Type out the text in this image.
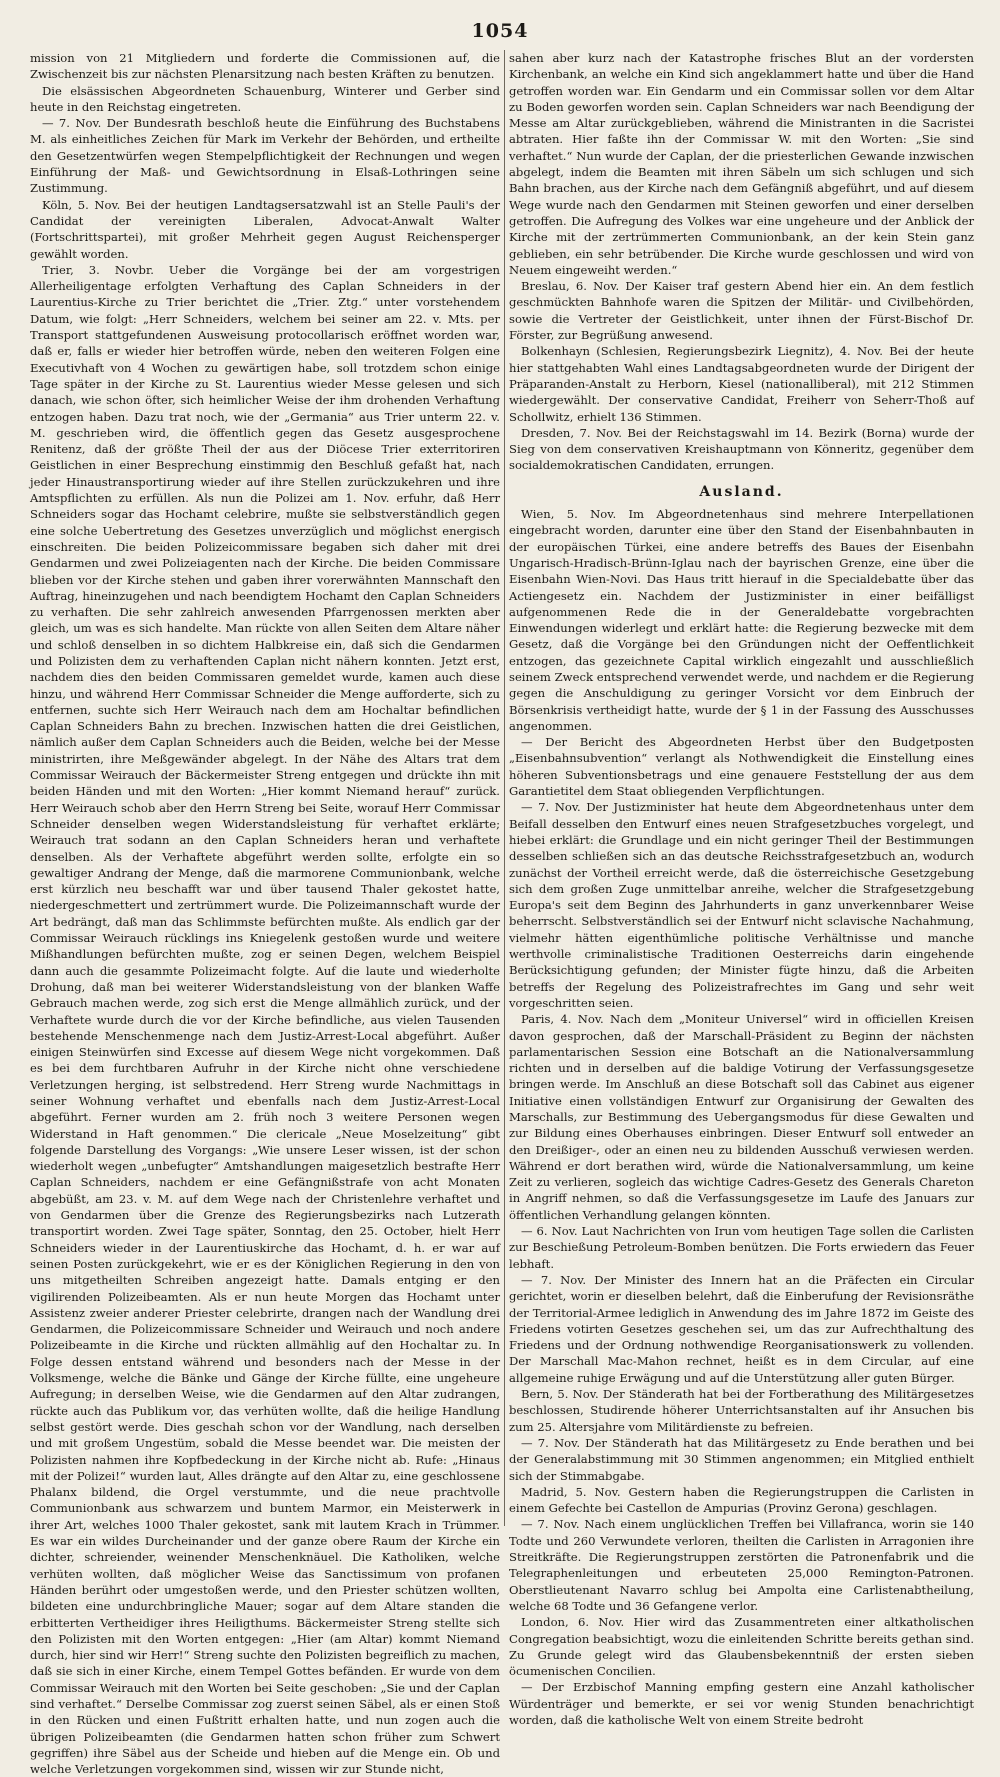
1054

mission von 21 Mitgliedern und forderte die Commissionen auf, die Zwischenzeit bis zur nächsten Plenarsitzung nach besten Kräften zu benutzen.

Die elsässischen Abgeordneten Schauenburg, Winterer und Gerber sind heute in den Reichstag eingetreten.

— 7. Nov. Der Bundesrath beschloß heute die Einführung des Buchstabens M. als einheitliches Zeichen für Mark im Verkehr der Behörden, und ertheilte den Gesetzentwürfen wegen Stempelpflichtigkeit der Rechnungen und wegen Einführung der Maß- und Gewichtsordnung in Elsaß-Lothringen seine Zustimmung.

Köln, 5. Nov. Bei der heutigen Landtagsersatzwahl ist an Stelle Pauli's der Candidat der vereinigten Liberalen, Advocat-Anwalt Walter (Fortschrittspartei), mit großer Mehrheit gegen August Reichensperger gewählt worden.

Trier, 3. Novbr. Ueber die Vorgänge bei der am vorgestrigen Allerheiligentage erfolgten Verhaftung des Caplan Schneiders in der Laurentius-Kirche zu Trier berichtet die „Trier. Ztg.“ unter vorstehendem Datum, wie folgt: „Herr Schneiders, welchem bei seiner am 22. v. Mts. per Transport stattgefundenen Ausweisung protocollarisch eröffnet worden war, daß er, falls er wieder hier betroffen würde, neben den weiteren Folgen eine Executivhaft von 4 Wochen zu gewärtigen habe, soll trotzdem schon einige Tage später in der Kirche zu St. Laurentius wieder Messe gelesen und sich danach, wie schon öfter, sich heimlicher Weise der ihm drohenden Verhaftung entzogen haben. Dazu trat noch, wie der „Germania“ aus Trier unterm 22. v. M. geschrieben wird, die öffentlich gegen das Gesetz ausgesprochene Renitenz, daß der größte Theil der aus der Diöcese Trier exterritoriren Geistlichen in einer Besprechung einstimmig den Beschluß gefaßt hat, nach jeder Hinaustransportirung wieder auf ihre Stellen zurückzukehren und ihre Amtspflichten zu erfüllen. Als nun die Polizei am 1. Nov. erfuhr, daß Herr Schneiders sogar das Hochamt celebrire, mußte sie selbstverständlich gegen eine solche Uebertretung des Gesetzes unverzüglich und möglichst energisch einschreiten. Die beiden Polizeicommissare begaben sich daher mit drei Gendarmen und zwei Polizeiagenten nach der Kirche. Die beiden Commissare blieben vor der Kirche stehen und gaben ihrer vorerwähnten Mannschaft den Auftrag, hineinzugehen und nach beendigtem Hochamt den Caplan Schneiders zu verhaften. Die sehr zahlreich anwesenden Pfarrgenossen merkten aber gleich, um was es sich handelte. Man rückte von allen Seiten dem Altare näher und schloß denselben in so dichtem Halbkreise ein, daß sich die Gendarmen und Polizisten dem zu verhaftenden Caplan nicht nähern konnten. Jetzt erst, nachdem dies den beiden Commissaren gemeldet wurde, kamen auch diese hinzu, und während Herr Commissar Schneider die Menge aufforderte, sich zu entfernen, suchte sich Herr Weirauch nach dem am Hochaltar befindlichen Caplan Schneiders Bahn zu brechen. Inzwischen hatten die drei Geistlichen, nämlich außer dem Caplan Schneiders auch die Beiden, welche bei der Messe ministrirten, ihre Meßgewänder abgelegt. In der Nähe des Altars trat dem Commissar Weirauch der Bäckermeister Streng entgegen und drückte ihn mit beiden Händen und mit den Worten: „Hier kommt Niemand herauf“ zurück. Herr Weirauch schob aber den Herrn Streng bei Seite, worauf Herr Commissar Schneider denselben wegen Widerstandsleistung für verhaftet erklärte; Weirauch trat sodann an den Caplan Schneiders heran und verhaftete denselben. Als der Verhaftete abgeführt werden sollte, erfolgte ein so gewaltiger Andrang der Menge, daß die marmorene Communionbank, welche erst kürzlich neu beschafft war und über tausend Thaler gekostet hatte, niedergeschmettert und zertrümmert wurde. Die Polizeimannschaft wurde der Art bedrängt, daß man das Schlimmste befürchten mußte. Als endlich gar der Commissar Weirauch rücklings ins Kniegelenk gestoßen wurde und weitere Mißhandlungen befürchten mußte, zog er seinen Degen, welchem Beispiel dann auch die gesammte Polizeimacht folgte. Auf die laute und wiederholte Drohung, daß man bei weiterer Widerstandsleistung von der blanken Waffe Gebrauch machen werde, zog sich erst die Menge allmählich zurück, und der Verhaftete wurde durch die vor der Kirche befindliche, aus vielen Tausenden bestehende Menschenmenge nach dem Justiz-Arrest-Local abgeführt. Außer einigen Steinwürfen sind Excesse auf diesem Wege nicht vorgekommen. Daß es bei dem furchtbaren Aufruhr in der Kirche nicht ohne verschiedene Verletzungen herging, ist selbstredend. Herr Streng wurde Nachmittags in seiner Wohnung verhaftet und ebenfalls nach dem Justiz-Arrest-Local abgeführt. Ferner wurden am 2. früh noch 3 weitere Personen wegen Widerstand in Haft genommen.“ Die clericale „Neue Moselzeitung“ gibt folgende Darstellung des Vorgangs: „Wie unsere Leser wissen, ist der schon wiederholt wegen „unbefugter“ Amtshandlungen maigesetzlich bestrafte Herr Caplan Schneiders, nachdem er eine Gefängnißstrafe von acht Monaten abgebüßt, am 23. v. M. auf dem Wege nach der Christenlehre verhaftet und von Gendarmen über die Grenze des Regierungsbezirks nach Lutzerath transportirt worden. Zwei Tage später, Sonntag, den 25. October, hielt Herr Schneiders wieder in der Laurentiuskirche das Hochamt, d. h. er war auf seinen Posten zurückgekehrt, wie er es der Königlichen Regierung in den von uns mitgetheilten Schreiben angezeigt hatte. Damals entging er den vigilirenden Polizeibeamten. Als er nun heute Morgen das Hochamt unter Assistenz zweier anderer Priester celebrirte, drangen nach der Wandlung drei Gendarmen, die Polizeicommissare Schneider und Weirauch und noch andere Polizeibeamte in die Kirche und rückten allmählig auf den Hochaltar zu. In Folge dessen entstand während und besonders nach der Messe in der Volksmenge, welche die Bänke und Gänge der Kirche füllte, eine ungeheure Aufregung; in derselben Weise, wie die Gendarmen auf den Altar zudrangen, rückte auch das Publikum vor, das verhüten wollte, daß die heilige Handlung selbst gestört werde. Dies geschah schon vor der Wandlung, nach derselben und mit großem Ungestüm, sobald die Messe beendet war. Die meisten der Polizisten nahmen ihre Kopfbedeckung in der Kirche nicht ab. Rufe: „Hinaus mit der Polizei!“ wurden laut, Alles drängte auf den Altar zu, eine geschlossene Phalanx bildend, die Orgel verstummte, und die neue prachtvolle Communionbank aus schwarzem und buntem Marmor, ein Meisterwerk in ihrer Art, welches 1000 Thaler gekostet, sank mit lautem Krach in Trümmer. Es war ein wildes Durcheinander und der ganze obere Raum der Kirche ein dichter, schreiender, weinender Menschenknäuel. Die Katholiken, welche verhüten wollten, daß möglicher Weise das Sanctissimum von profanen Händen berührt oder umgestoßen werde, und den Priester schützen wollten, bildeten eine undurchbringliche Mauer; sogar auf dem Altare standen die erbitterten Vertheidiger ihres Heiligthums. Bäckermeister Streng stellte sich den Polizisten mit den Worten entgegen: „Hier (am Altar) kommt Niemand durch, hier sind wir Herr!“ Streng suchte den Polizisten begreiflich zu machen, daß sie sich in einer Kirche, einem Tempel Gottes befänden. Er wurde von dem Commissar Weirauch mit den Worten bei Seite geschoben: „Sie und der Caplan sind verhaftet.“ Derselbe Commissar zog zuerst seinen Säbel, als er einen Stoß in den Rücken und einen Fußtritt erhalten hatte, und nun zogen auch die übrigen Polizeibeamten (die Gendarmen hatten schon früher zum Schwert gegriffen) ihre Säbel aus der Scheide und hieben auf die Menge ein. Ob und welche Verletzungen vorgekommen sind, wissen wir zur Stunde nicht,

sahen aber kurz nach der Katastrophe frisches Blut an der vordersten Kirchenbank, an welche ein Kind sich angeklammert hatte und über die Hand getroffen worden war. Ein Gendarm und ein Commissar sollen vor dem Altar zu Boden geworfen worden sein. Caplan Schneiders war nach Beendigung der Messe am Altar zurückgeblieben, während die Ministranten in die Sacristei abtraten. Hier faßte ihn der Commissar W. mit den Worten: „Sie sind verhaftet.“ Nun wurde der Caplan, der die priesterlichen Gewande inzwischen abgelegt, indem die Beamten mit ihren Säbeln um sich schlugen und sich Bahn brachen, aus der Kirche nach dem Gefängniß abgeführt, und auf diesem Wege wurde nach den Gendarmen mit Steinen geworfen und einer derselben getroffen. Die Aufregung des Volkes war eine ungeheure und der Anblick der Kirche mit der zertrümmerten Communionbank, an der kein Stein ganz geblieben, ein sehr betrübender. Die Kirche wurde geschlossen und wird von Neuem eingeweiht werden.“

Breslau, 6. Nov. Der Kaiser traf gestern Abend hier ein. An dem festlich geschmückten Bahnhofe waren die Spitzen der Militär- und Civilbehörden, sowie die Vertreter der Geistlichkeit, unter ihnen der Fürst-Bischof Dr. Förster, zur Begrüßung anwesend.

Bolkenhayn (Schlesien, Regierungsbezirk Liegnitz), 4. Nov. Bei der heute hier stattgehabten Wahl eines Landtagsabgeordneten wurde der Dirigent der Präparanden-Anstalt zu Herborn, Kiesel (nationalliberal), mit 212 Stimmen wiedergewählt. Der conservative Candidat, Freiherr von Seherr-Thoß auf Schollwitz, erhielt 136 Stimmen.

Dresden, 7. Nov. Bei der Reichstagswahl im 14. Bezirk (Borna) wurde der Sieg von dem conservativen Kreishauptmann von Könneritz, gegenüber dem socialdemokratischen Candidaten, errungen.

Ausland.

Wien, 5. Nov. Im Abgeordnetenhaus sind mehrere Interpellationen eingebracht worden, darunter eine über den Stand der Eisenbahnbauten in der europäischen Türkei, eine andere betreffs des Baues der Eisenbahn Ungarisch-Hradisch-Brünn-Iglau nach der bayrischen Grenze, eine über die Eisenbahn Wien-Novi. Das Haus tritt hierauf in die Specialdebatte über das Actiengesetz ein. Nachdem der Justizminister in einer beifälligst aufgenommenen Rede die in der Generaldebatte vorgebrachten Einwendungen widerlegt und erklärt hatte: die Regierung bezwecke mit dem Gesetz, daß die Vorgänge bei den Gründungen nicht der Oeffentlichkeit entzogen, das gezeichnete Capital wirklich eingezahlt und ausschließlich seinem Zweck entsprechend verwendet werde, und nachdem er die Regierung gegen die Anschuldigung zu geringer Vorsicht vor dem Einbruch der Börsenkrisis vertheidigt hatte, wurde der § 1 in der Fassung des Ausschusses angenommen.

— Der Bericht des Abgeordneten Herbst über den Budgetposten „Eisenbahnsubvention“ verlangt als Nothwendigkeit die Einstellung eines höheren Subventionsbetrags und eine genauere Feststellung der aus dem Garantietitel dem Staat obliegenden Verpflichtungen.

— 7. Nov. Der Justizminister hat heute dem Abgeordnetenhaus unter dem Beifall desselben den Entwurf eines neuen Strafgesetzbuches vorgelegt, und hiebei erklärt: die Grundlage und ein nicht geringer Theil der Bestimmungen desselben schließen sich an das deutsche Reichsstrafgesetzbuch an, wodurch zunächst der Vortheil erreicht werde, daß die österreichische Gesetzgebung sich dem großen Zuge unmittelbar anreihe, welcher die Strafgesetzgebung Europa's seit dem Beginn des Jahrhunderts in ganz unverkennbarer Weise beherrscht. Selbstverständlich sei der Entwurf nicht sclavische Nachahmung, vielmehr hätten eigenthümliche politische Verhältnisse und manche werthvolle criminalistische Traditionen Oesterreichs darin eingehende Berücksichtigung gefunden; der Minister fügte hinzu, daß die Arbeiten betreffs der Regelung des Polizeistrafrechtes im Gang und sehr weit vorgeschritten seien.

Paris, 4. Nov. Nach dem „Moniteur Universel“ wird in officiellen Kreisen davon gesprochen, daß der Marschall-Präsident zu Beginn der nächsten parlamentarischen Session eine Botschaft an die Nationalversammlung richten und in derselben auf die baldige Votirung der Verfassungsgesetze bringen werde. Im Anschluß an diese Botschaft soll das Cabinet aus eigener Initiative einen vollständigen Entwurf zur Organisirung der Gewalten des Marschalls, zur Bestimmung des Uebergangsmodus für diese Gewalten und zur Bildung eines Oberhauses einbringen. Dieser Entwurf soll entweder an den Dreißiger-, oder an einen neu zu bildenden Ausschuß verwiesen werden. Während er dort berathen wird, würde die Nationalversammlung, um keine Zeit zu verlieren, sogleich das wichtige Cadres-Gesetz des Generals Chareton in Angriff nehmen, so daß die Verfassungsgesetze im Laufe des Januars zur öffentlichen Verhandlung gelangen könnten.

— 6. Nov. Laut Nachrichten von Irun vom heutigen Tage sollen die Carlisten zur Beschießung Petroleum-Bomben benützen. Die Forts erwiedern das Feuer lebhaft.

— 7. Nov. Der Minister des Innern hat an die Präfecten ein Circular gerichtet, worin er dieselben belehrt, daß die Einberufung der Revisionsräthe der Territorial-Armee lediglich in Anwendung des im Jahre 1872 im Geiste des Friedens votirten Gesetzes geschehen sei, um das zur Aufrechthaltung des Friedens und der Ordnung nothwendige Reorganisationswerk zu vollenden. Der Marschall Mac-Mahon rechnet, heißt es in dem Circular, auf eine allgemeine ruhige Erwägung und auf die Unterstützung aller guten Bürger.

Bern, 5. Nov. Der Ständerath hat bei der Fortberathung des Militärgesetzes beschlossen, Studirende höherer Unterrichtsanstalten auf ihr Ansuchen bis zum 25. Altersjahre vom Militärdienste zu befreien.

— 7. Nov. Der Ständerath hat das Militärgesetz zu Ende berathen und bei der Generalabstimmung mit 30 Stimmen angenommen; ein Mitglied enthielt sich der Stimmabgabe.

Madrid, 5. Nov. Gestern haben die Regierungstruppen die Carlisten in einem Gefechte bei Castellon de Ampurias (Provinz Gerona) geschlagen.

— 7. Nov. Nach einem unglücklichen Treffen bei Villafranca, worin sie 140 Todte und 260 Verwundete verloren, theilten die Carlisten in Arragonien ihre Streitkräfte. Die Regierungstruppen zerstörten die Patronenfabrik und die Telegraphenleitungen und erbeuteten 25,000 Remington-Patronen. Oberstlieutenant Navarro schlug bei Ampolta eine Carlistenabtheilung, welche 68 Todte und 36 Gefangene verlor.

London, 6. Nov. Hier wird das Zusammentreten einer altkatholischen Congregation beabsichtigt, wozu die einleitenden Schritte bereits gethan sind. Zu Grunde gelegt wird das Glaubensbekenntniß der ersten sieben öcumenischen Concilien.

— Der Erzbischof Manning empfing gestern eine Anzahl katholischer Würdenträger und bemerkte, er sei vor wenig Stunden benachrichtigt worden, daß die katholische Welt von einem Streite bedroht
